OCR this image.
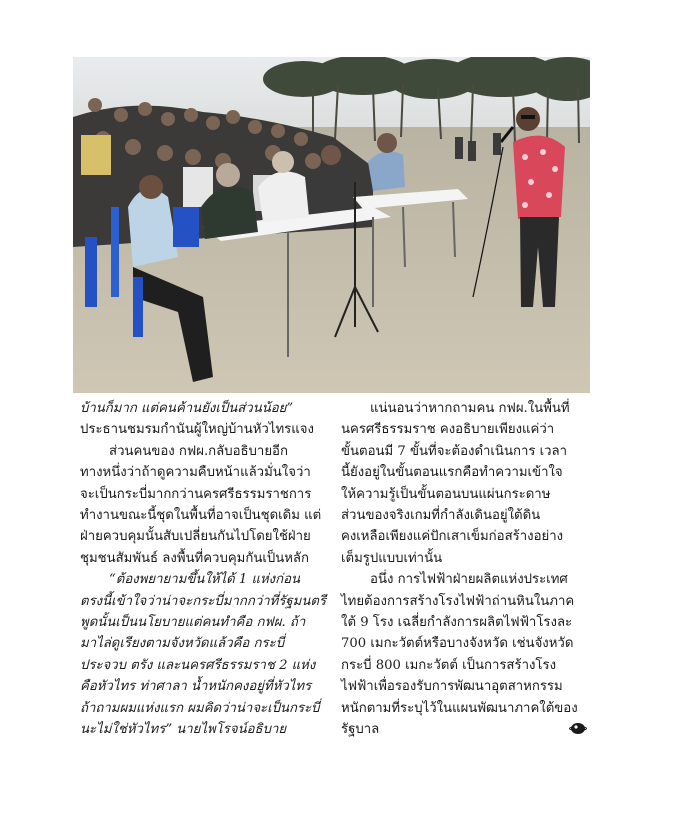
บ้านก็มาก แต่คนค้านยังเป็นส่วนน้อย”

ประธานชมรมกำนันผู้ใหญ่บ้านหัวไทรแจง

ส่วนคนของ กฟผ.กลับอธิบายอีก

ทางหนึ่งว่าถ้าดูความคืบหน้าแล้วมั่นใจว่า

จะเป็นกระบี่มากกว่านครศรีธรรมราชการ

ทำงานขณะนี้ชุดในพื้นที่อาจเป็นชุดเดิม แต่

ฝ่ายควบคุมนั้นสับเปลี่ยนกันไปโดยใช้ฝ่าย

ชุมชนสัมพันธ์ ลงพื้นที่ควบคุมกันเป็นหลัก

“ต้องพยายามขึ้นให้ได้ 1 แห่งก่อน

ตรงนี้เข้าใจว่าน่าจะกระบี่มากกว่าที่รัฐมนตรี

พูดนั้นเป็นนโยบายแต่คนทำคือ กฟผ. ถ้า

มาไล่ดูเรียงตามจังหวัดแล้วคือ กระบี่

ประจวบ ตรัง และนครศรีธรรมราช 2 แห่ง

คือหัวไทร ท่าศาลา น้ำหนักคงอยู่ที่หัวไทร

ถ้าถามผมแห่งแรก ผมคิดว่าน่าจะเป็นกระบี่

นะไม่ใช่หัวไทร” นายไพโรจน์อธิบาย

แน่นอนว่าหากถามคน กฟผ.ในพื้นที่

นครศรีธรรมราช คงอธิบายเพียงแค่ว่า

ขั้นตอนมี 7 ขั้นที่จะต้องดำเนินการ เวลา

นี้ยังอยู่ในขั้นตอนแรกคือทำความเข้าใจ

ให้ความรู้เป็นขั้นตอนบนแผ่นกระดาษ

ส่วนของจริงเกมที่กำลังเดินอยู่ใต้ดิน

คงเหลือเพียงแค่ปักเสาเข็มก่อสร้างอย่าง

เต็มรูปแบบเท่านั้น

อนึ่ง การไฟฟ้าฝ่ายผลิตแห่งประเทศ

ไทยต้องการสร้างโรงไฟฟ้าถ่านหินในภาค

ใต้ 9 โรง เฉลี่ยกำลังการผลิตไฟฟ้าโรงละ

700 เมกะวัตต์หรือบางจังหวัด เช่นจังหวัด

กระบี่ 800 เมกะวัตต์ เป็นการสร้างโรง

ไฟฟ้าเพื่อรองรับการพัฒนาอุตสาหกรรม

หนักตามที่ระบุไว้ในแผนพัฒนาภาคใต้ของ

รัฐบาล
